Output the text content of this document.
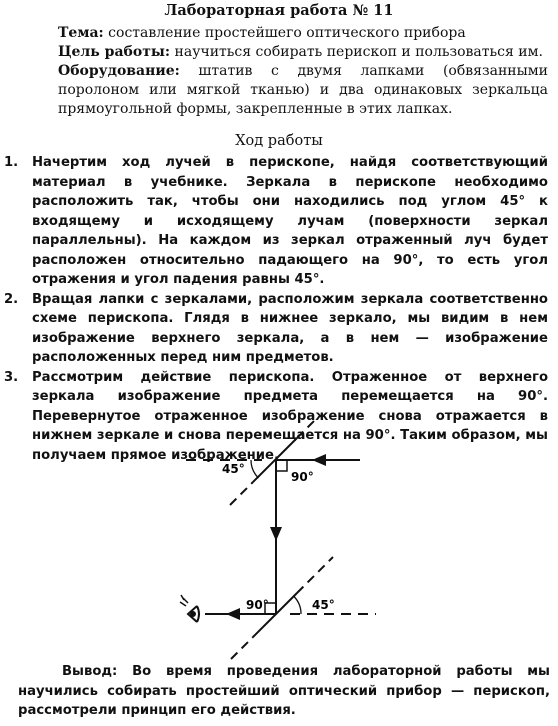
Лабораторная работа № 11
Тема: составление простейшего оптического прибора
Цель работы: научиться собирать перископ и пользоваться им.
Оборудование: штатив с двумя лапками (обвязанными поролоном или мягкой тканью) и два одинаковых зеркальца прямоугольной формы, закрепленные в этих лапках.
Ход работы
1. Начертим ход лучей в перископе, найдя соответствующий материал в учебнике. Зеркала в перископе необходимо расположить так, чтобы они находились под углом 45° к входящему и исходящему лучам (поверхности зеркал параллельны). На каждом из зеркал отраженный луч будет расположен относительно падающего на 90°, то есть угол отражения и угол падения равны 45°.
2. Вращая лапки с зеркалами, расположим зеркала соответственно схеме перископа. Глядя в нижнее зеркало, мы видим в нем изображение верхнего зеркала, а в нем — изображение расположенных перед ним предметов.
3. Рассмотрим действие перископа. Отраженное от верхнего зеркала изображение предмета перемещается на 90°. Перевернутое отраженное изображение снова отражается в нижнем зеркале и снова перемещается на 90°. Таким образом, мы получаем прямое изображение.
45°
90°
90°	45°
Вывод: Во время проведения лабораторной работы мы научились собирать простейший оптический прибор — перископ, рассмотрели принцип его действия.
